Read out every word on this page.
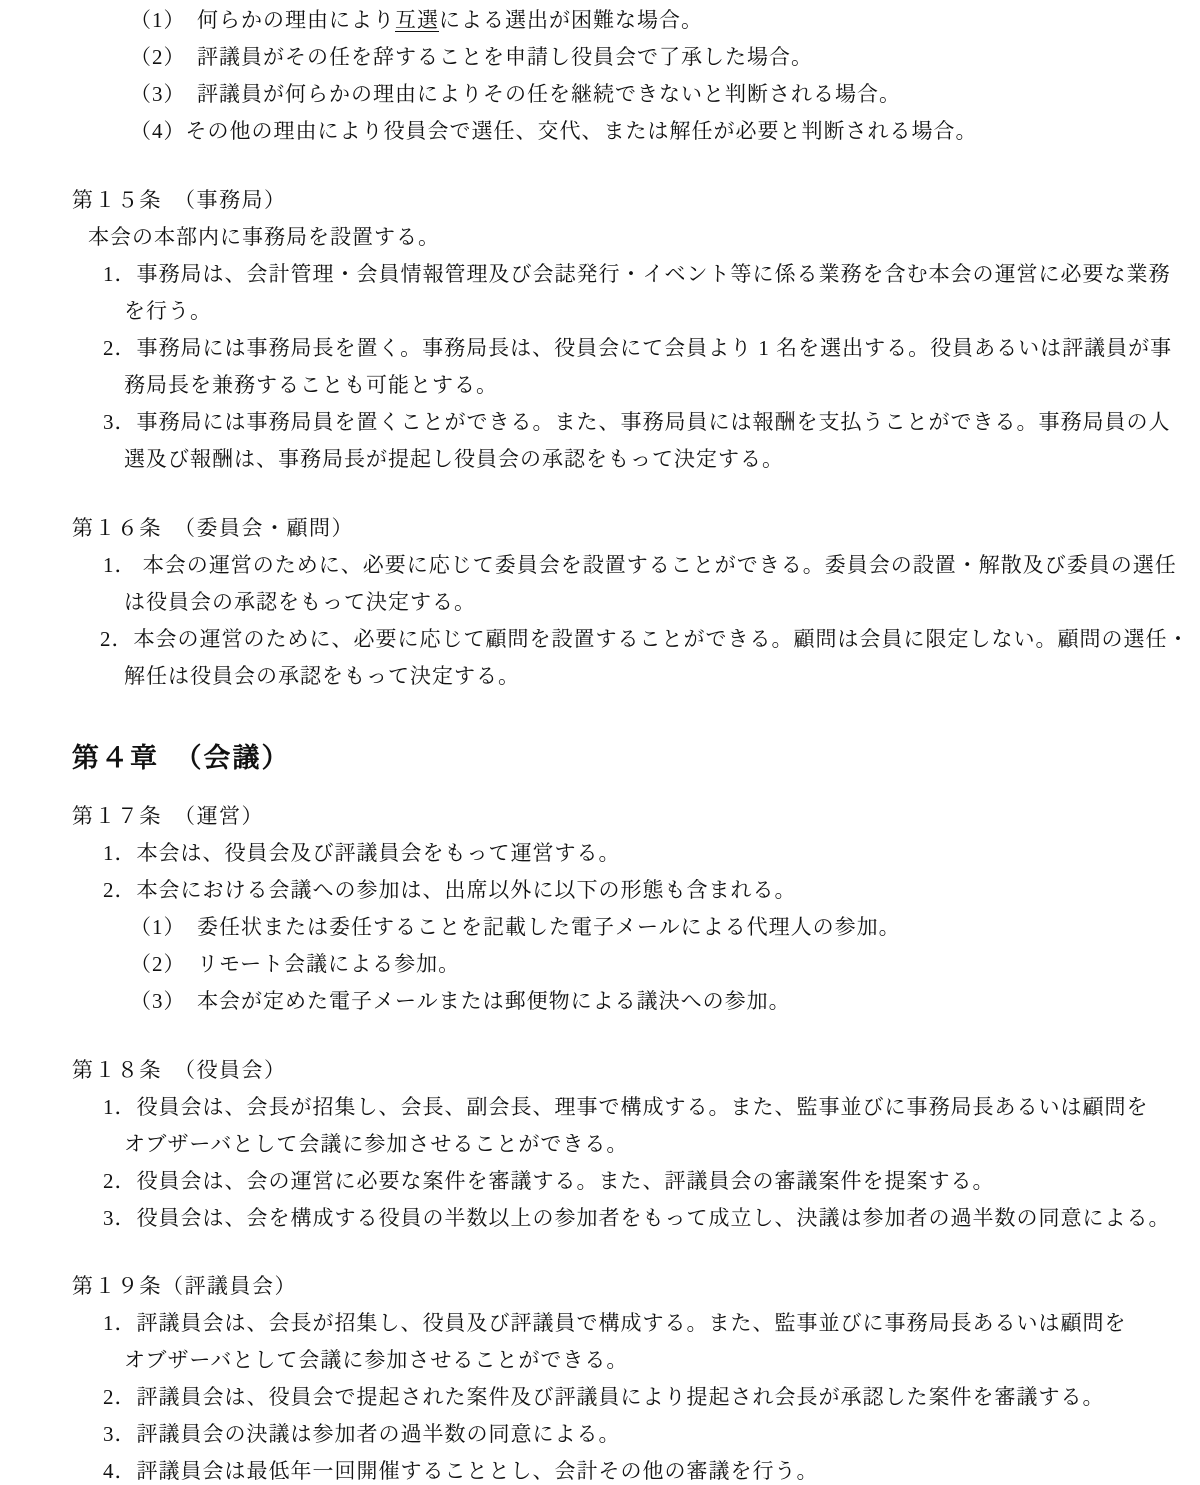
（1）　何らかの理由により互選による選出が困難な場合。
（2）　評議員がその任を辞することを申請し役員会で了承した場合。
（3）　評議員が何らかの理由によりその任を継続できないと判断される場合。
（4）その他の理由により役員会で選任、交代、または解任が必要と判断される場合。
第１５条　（事務局）
本会の本部内に事務局を設置する。
1．事務局は、会計管理・会員情報管理及び会誌発行・イベント等に係る業務を含む本会の運営に必要な業務
を行う。
2．事務局には事務局長を置く。事務局長は、役員会にて会員より 1 名を選出する。役員あるいは評議員が事
務局長を兼務することも可能とする。
3．事務局には事務局員を置くことができる。また、事務局員には報酬を支払うことができる。事務局員の人
選及び報酬は、事務局長が提起し役員会の承認をもって決定する。
第１６条　（委員会・顧問）
1． 本会の運営のために、必要に応じて委員会を設置することができる。委員会の設置・解散及び委員の選任
は役員会の承認をもって決定する。
2．本会の運営のために、必要に応じて顧問を設置することができる。顧問は会員に限定しない。顧問の選任・
解任は役員会の承認をもって決定する。
第４章　（会議）
第１７条　（運営）
1．本会は、役員会及び評議員会をもって運営する。
2．本会における会議への参加は、出席以外に以下の形態も含まれる。
（1）　委任状または委任することを記載した電子メールによる代理人の参加。
（2）　リモート会議による参加。
（3）　本会が定めた電子メールまたは郵便物による議決への参加。
第１８条　（役員会）
1．役員会は、会長が招集し、会長、副会長、理事で構成する。また、監事並びに事務局長あるいは顧問を
オブザーバとして会議に参加させることができる。
2．役員会は、会の運営に必要な案件を審議する。また、評議員会の審議案件を提案する。
3．役員会は、会を構成する役員の半数以上の参加者をもって成立し、決議は参加者の過半数の同意による。
第１９条（評議員会）
1．評議員会は、会長が招集し、役員及び評議員で構成する。また、監事並びに事務局長あるいは顧問を
オブザーバとして会議に参加させることができる。
2．評議員会は、役員会で提起された案件及び評議員により提起され会長が承認した案件を審議する。
3．評議員会の決議は参加者の過半数の同意による。
4．評議員会は最低年一回開催することとし、会計その他の審議を行う。
